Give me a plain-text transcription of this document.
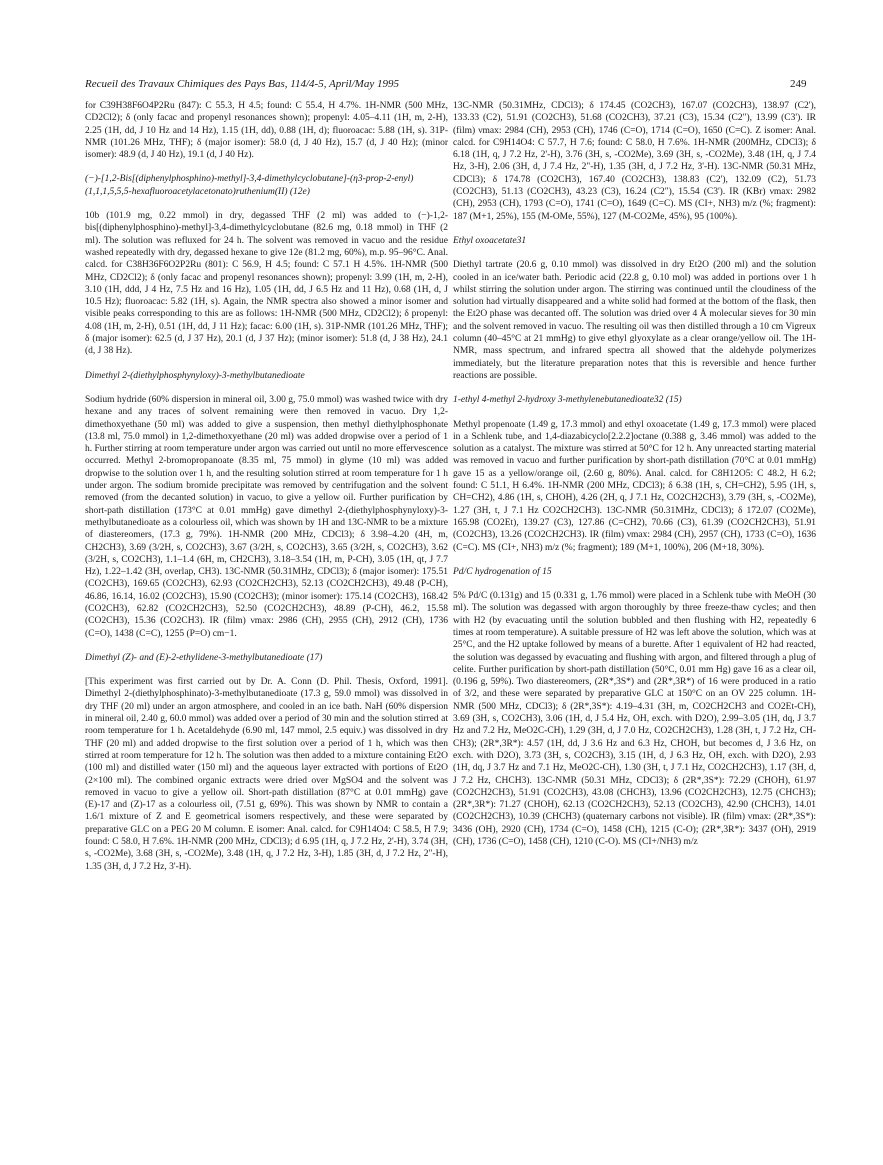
Recueil des Travaux Chimiques des Pays Bas, 114/4-5, April/May 1995	249

for C39H38F6O4P2Ru (847): C 55.3, H 4.5; found: C 55.4, H 4.7%. 1H-NMR (500 MHz, CD2Cl2); δ (only facac and propenyl resonances shown); propenyl: 4.05–4.11 (1H, m, 2-H), 2.25 (1H, dd, J 10 Hz and 14 Hz), 1.15 (1H, dd), 0.88 (1H, d); fluoroacac: 5.88 (1H, s). 31P-NMR (101.26 MHz, THF); δ (major isomer): 58.0 (d, J 40 Hz), 15.7 (d, J 40 Hz); (minor isomer): 48.9 (d, J 40 Hz), 19.1 (d, J 40 Hz).

(−)-[1,2-Bis[(diphenylphosphino)-methyl]-3,4-dimethylcyclobutane]-(η3-prop-2-enyl)(1,1,1,5,5,5-hexafluoroacetylacetonato)ruthenium(II) (12e)

10b (101.9 mg, 0.22 mmol) in dry, degassed THF (2 ml) was added to (−)-1,2-bis[(diphenylphosphino)-methyl]-3,4-dimethylcyclobutane (82.6 mg, 0.18 mmol) in THF (2 ml). The solution was refluxed for 24 h. The solvent was removed in vacuo and the residue washed repeatedly with dry, degassed hexane to give 12e (81.2 mg, 60%), m.p. 95–96°C. Anal. calcd. for C38H36F6O2P2Ru (801): C 56.9, H 4.5; found: C 57.1 H 4.5%. 1H-NMR (500 MHz, CD2Cl2); δ (only facac and propenyl resonances shown); propenyl: 3.99 (1H, m, 2-H), 3.10 (1H, ddd, J 4 Hz, 7.5 Hz and 16 Hz), 1.05 (1H, dd, J 6.5 Hz and 11 Hz), 0.68 (1H, d, J 10.5 Hz); fluoroacac: 5.82 (1H, s). Again, the NMR spectra also showed a minor isomer and visible peaks corresponding to this are as follows: 1H-NMR (500 MHz, CD2Cl2); δ propenyl: 4.08 (1H, m, 2-H), 0.51 (1H, dd, J 11 Hz); facac: 6.00 (1H, s). 31P-NMR (101.26 MHz, THF); δ (major isomer): 62.5 (d, J 37 Hz), 20.1 (d, J 37 Hz); (minor isomer): 51.8 (d, J 38 Hz), 24.1 (d, J 38 Hz).

Dimethyl 2-(diethylphosphynyloxy)-3-methylbutanedioate

Sodium hydride (60% dispersion in mineral oil, 3.00 g, 75.0 mmol) was washed twice with dry hexane and any traces of solvent remaining were then removed in vacuo. Dry 1,2-dimethoxyethane (50 ml) was added to give a suspension, then methyl diethylphosphonate (13.8 ml, 75.0 mmol) in 1,2-dimethoxyethane (20 ml) was added dropwise over a period of 1 h. Further stirring at room temperature under argon was carried out until no more effervescence occurred. Methyl 2-bromopropanoate (8.35 ml, 75 mmol) in glyme (10 ml) was added dropwise to the solution over 1 h, and the resulting solution stirred at room temperature for 1 h under argon. The sodium bromide precipitate was removed by centrifugation and the solvent removed (from the decanted solution) in vacuo, to give a yellow oil. Further purification by short-path distillation (173°C at 0.01 mmHg) gave dimethyl 2-(diethylphosphynyloxy)-3-methylbutanedioate as a colourless oil, which was shown by 1H and 13C-NMR to be a mixture of diastereomers, (17.3 g, 79%). 1H-NMR (200 MHz, CDCl3); δ 3.98–4.20 (4H, m, CH2CH3), 3.69 (3/2H, s, CO2CH3), 3.67 (3/2H, s, CO2CH3), 3.65 (3/2H, s, CO2CH3), 3.62 (3/2H, s, CO2CH3), 1.1–1.4 (6H, m, CH2CH3), 3.18–3.54 (1H, m, P-CH), 3.05 (1H, qt, J 7.7 Hz), 1.22–1.42 (3H, overlap, CH3). 13C-NMR (50.31MHz, CDCl3); δ (major isomer): 175.51 (CO2CH3), 169.65 (CO2CH3), 62.93 (CO2CH2CH3), 52.13 (CO2CH2CH3), 49.48 (P-CH), 46.86, 16.14, 16.02 (CO2CH3), 15.90 (CO2CH3); (minor isomer): 175.14 (CO2CH3), 168.42 (CO2CH3), 62.82 (CO2CH2CH3), 52.50 (CO2CH2CH3), 48.89 (P-CH), 46.2, 15.58 (CO2CH3), 15.36 (CO2CH3). IR (film) νmax: 2986 (CH), 2955 (CH), 2912 (CH), 1736 (C=O), 1438 (C=C), 1255 (P=O) cm−1.

Dimethyl (Z)- and (E)-2-ethylidene-3-methylbutanedioate (17)

[This experiment was first carried out by Dr. A. Conn (D. Phil. Thesis, Oxford, 1991]. Dimethyl 2-(diethylphosphinato)-3-methylbutanedioate (17.3 g, 59.0 mmol) was dissolved in dry THF (20 ml) under an argon atmosphere, and cooled in an ice bath. NaH (60% dispersion in mineral oil, 2.40 g, 60.0 mmol) was added over a period of 30 min and the solution stirred at room temperature for 1 h. Acetaldehyde (6.90 ml, 147 mmol, 2.5 equiv.) was dissolved in dry THF (20 ml) and added dropwise to the first solution over a period of 1 h, which was then stirred at room temperature for 12 h. The solution was then added to a mixture containing Et2O (100 ml) and distilled water (150 ml) and the aqueous layer extracted with portions of Et2O (2×100 ml). The combined organic extracts were dried over MgSO4 and the solvent was removed in vacuo to give a yellow oil. Short-path distillation (87°C at 0.01 mmHg) gave (E)-17 and (Z)-17 as a colourless oil, (7.51 g, 69%). This was shown by NMR to contain a 1.6/1 mixture of Z and E geometrical isomers respectively, and these were separated by preparative GLC on a PEG 20 M column. E isomer: Anal. calcd. for C9H14O4: C 58.5, H 7.9; found: C 58.0, H 7.6%. 1H-NMR (200 MHz, CDCl3); d 6.95 (1H, q, J 7.2 Hz, 2'-H), 3.74 (3H, s, -CO2Me), 3.68 (3H, s, -CO2Me), 3.48 (1H, q, J 7.2 Hz, 3-H), 1.85 (3H, d, J 7.2 Hz, 2"-H), 1.35 (3H, d, J 7.2 Hz, 3'-H).

13C-NMR (50.31MHz, CDCl3); δ 174.45 (CO2CH3), 167.07 (CO2CH3), 138.97 (C2'), 133.33 (C2), 51.91 (CO2CH3), 51.68 (CO2CH3), 37.21 (C3), 15.34 (C2"), 13.99 (C3'). IR (film) νmax: 2984 (CH), 2953 (CH), 1746 (C=O), 1714 (C=O), 1650 (C=C). Z isomer: Anal. calcd. for C9H14O4: C 57.7, H 7.6; found: C 58.0, H 7.6%. 1H-NMR (200MHz, CDCl3); δ 6.18 (1H, q, J 7.2 Hz, 2'-H), 3.76 (3H, s, -CO2Me), 3.69 (3H, s, -CO2Me), 3.48 (1H, q, J 7.4 Hz, 3-H), 2.06 (3H, d, J 7.4 Hz, 2"-H), 1.35 (3H, d, J 7.2 Hz, 3'-H). 13C-NMR (50.31 MHz, CDCl3); δ 174.78 (CO2CH3), 167.40 (CO2CH3), 138.83 (C2'), 132.09 (C2), 51.73 (CO2CH3), 51.13 (CO2CH3), 43.23 (C3), 16.24 (C2"), 15.54 (C3'). IR (KBr) νmax: 2982 (CH), 2953 (CH), 1793 (C=O), 1741 (C=O), 1649 (C=C). MS (CI+, NH3) m/z (%; fragment): 187 (M+1, 25%), 155 (M-OMe, 55%), 127 (M-CO2Me, 45%), 95 (100%).

Ethyl oxoacetate31

Diethyl tartrate (20.6 g, 0.10 mmol) was dissolved in dry Et2O (200 ml) and the solution cooled in an ice/water bath. Periodic acid (22.8 g, 0.10 mol) was added in portions over 1 h whilst stirring the solution under argon. The stirring was continued until the cloudiness of the solution had virtually disappeared and a white solid had formed at the bottom of the flask, then the Et2O phase was decanted off. The solution was dried over 4 Å molecular sieves for 30 min and the solvent removed in vacuo. The resulting oil was then distilled through a 10 cm Vigreux column (40–45°C at 21 mmHg) to give ethyl glyoxylate as a clear orange/yellow oil. The 1H-NMR, mass spectrum, and infrared spectra all showed that the aldehyde polymerizes immediately, but the literature preparation notes that this is reversible and hence further reactions are possible.

1-ethyl 4-methyl 2-hydroxy 3-methylenebutanedioate32 (15)

Methyl propenoate (1.49 g, 17.3 mmol) and ethyl oxoacetate (1.49 g, 17.3 mmol) were placed in a Schlenk tube, and 1,4-diazabicyclo[2.2.2]octane (0.388 g, 3.46 mmol) was added to the solution as a catalyst. The mixture was stirred at 50°C for 12 h. Any unreacted starting material was removed in vacuo and further purification by short-path distillation (70°C at 0.01 mmHg) gave 15 as a yellow/orange oil, (2.60 g, 80%). Anal. calcd. for C8H12O5: C 48.2, H 6.2; found: C 51.1, H 6.4%. 1H-NMR (200 MHz, CDCl3); δ 6.38 (1H, s, CH=CH2), 5.95 (1H, s, CH=CH2), 4.86 (1H, s, CHOH), 4.26 (2H, q, J 7.1 Hz, CO2CH2CH3), 3.79 (3H, s, -CO2Me), 1.27 (3H, t, J 7.1 Hz CO2CH2CH3). 13C-NMR (50.31MHz, CDCl3); δ 172.07 (CO2Me), 165.98 (CO2Et), 139.27 (C3), 127.86 (C=CH2), 70.66 (C3), 61.39 (CO2CH2CH3), 51.91 (CO2CH3), 13.26 (CO2CH2CH3). IR (film) νmax: 2984 (CH), 2957 (CH), 1733 (C=O), 1636 (C=C). MS (CI+, NH3) m/z (%; fragment); 189 (M+1, 100%), 206 (M+18, 30%).

Pd/C hydrogenation of 15

5% Pd/C (0.131g) and 15 (0.331 g, 1.76 mmol) were placed in a Schlenk tube with MeOH (30 ml). The solution was degassed with argon thoroughly by three freeze-thaw cycles; and then with H2 (by evacuating until the solution bubbled and then flushing with H2, repeatedly 6 times at room temperature). A suitable pressure of H2 was left above the solution, which was at 25°C, and the H2 uptake followed by means of a burette. After 1 equivalent of H2 had reacted, the solution was degassed by evacuating and flushing with argon, and filtered through a plug of celite. Further purification by short-path distillation (50°C, 0.01 mm Hg) gave 16 as a clear oil, (0.196 g, 59%). Two diastereomers, (2R*,3S*) and (2R*,3R*) of 16 were produced in a ratio of 3/2, and these were separated by preparative GLC at 150°C on an OV 225 column. 1H-NMR (500 MHz, CDCl3); δ (2R*,3S*): 4.19–4.31 (3H, m, CO2CH2CH3 and CO2Et-CH), 3.69 (3H, s, CO2CH3), 3.06 (1H, d, J 5.4 Hz, OH, exch. with D2O), 2.99–3.05 (1H, dq, J 3.7 Hz and 7.2 Hz, MeO2C-CH), 1.29 (3H, d, J 7.0 Hz, CO2CH2CH3), 1.28 (3H, t, J 7.2 Hz, CH-CH3); (2R*,3R*): 4.57 (1H, dd, J 3.6 Hz and 6.3 Hz, CHOH, but becomes d, J 3.6 Hz, on exch. with D2O), 3.73 (3H, s, CO2CH3), 3.15 (1H, d, J 6.3 Hz, OH, exch. with D2O), 2.93 (1H, dq, J 3.7 Hz and 7.1 Hz, MeO2C-CH), 1.30 (3H, t, J 7.1 Hz, CO2CH2CH3), 1.17 (3H, d, J 7.2 Hz, CHCH3). 13C-NMR (50.31 MHz, CDCl3); δ (2R*,3S*): 72.29 (CHOH), 61.97 (CO2CH2CH3), 51.91 (CO2CH3), 43.08 (CHCH3), 13.96 (CO2CH2CH3), 12.75 (CHCH3); (2R*,3R*): 71.27 (CHOH), 62.13 (CO2CH2CH3), 52.13 (CO2CH3), 42.90 (CHCH3), 14.01 (CO2CH2CH3), 10.39 (CHCH3) (quaternary carbons not visible). IR (film) νmax: (2R*,3S*): 3436 (OH), 2920 (CH), 1734 (C=O), 1458 (CH), 1215 (C-O); (2R*,3R*): 3437 (OH), 2919 (CH), 1736 (C=O), 1458 (CH), 1210 (C-O). MS (CI+/NH3) m/z
